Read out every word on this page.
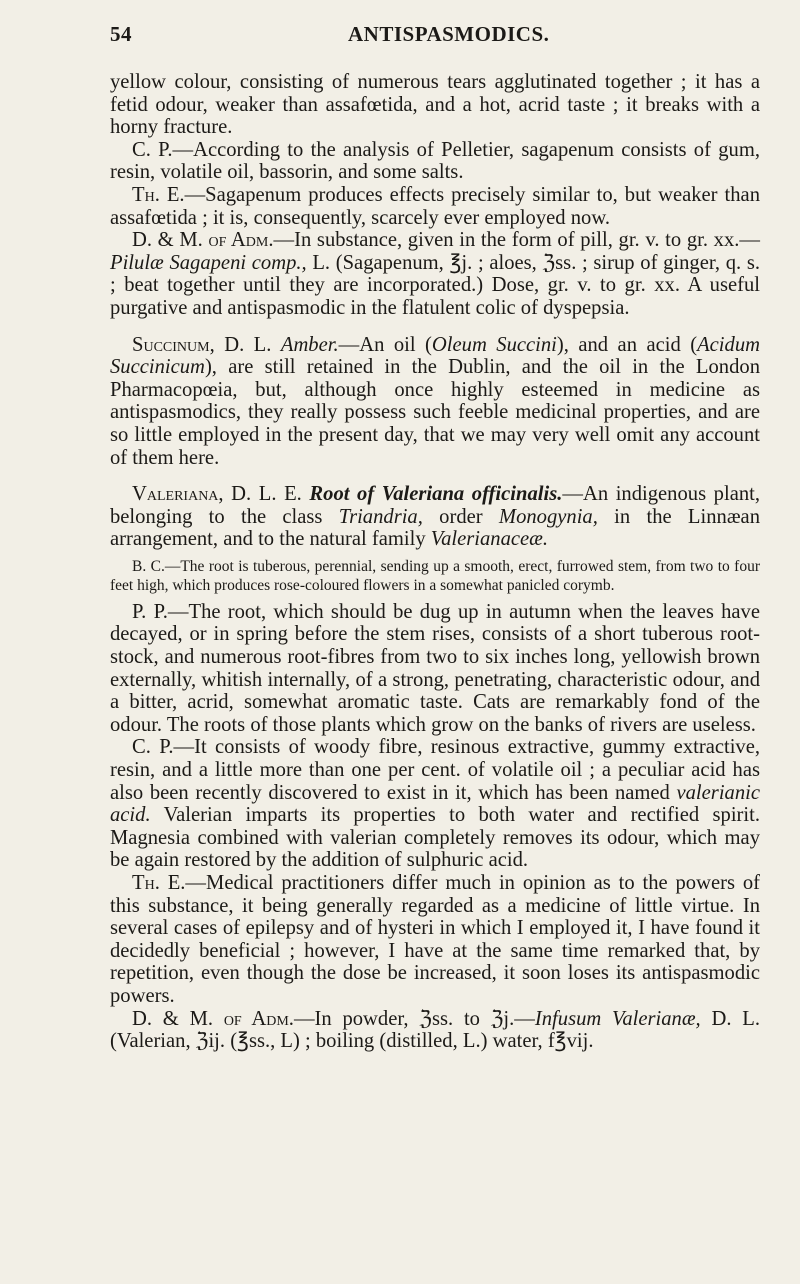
54	ANTISPASMODICS.

yellow colour, consisting of numerous tears agglutinated together ; it has a fetid odour, weaker than assafœtida, and a hot, acrid taste ; it breaks with a horny fracture.

C. P.—According to the analysis of Pelletier, sagapenum consists of gum, resin, volatile oil, bassorin, and some salts.

Th. E.—Sagapenum produces effects precisely similar to, but weaker than assafœtida ; it is, consequently, scarcely ever employed now.

D. & M. of Adm.—In substance, given in the form of pill, gr. v. to gr. xx.—Pilulæ Sagapeni comp., L. (Sagapenum, ℥j. ; aloes, ℨss. ; sirup of ginger, q. s. ; beat together until they are incorporated.) Dose, gr. v. to gr. xx. A useful purgative and antispasmodic in the flatulent colic of dyspepsia.

Succinum, D. L. Amber.—An oil (Oleum Succini), and an acid (Acidum Succinicum), are still retained in the Dublin, and the oil in the London Pharmacopœia, but, although once highly esteemed in medicine as antispasmodics, they really possess such feeble medicinal properties, and are so little employed in the present day, that we may very well omit any account of them here.

Valeriana, D. L. E. Root of Valeriana officinalis.—An indigenous plant, belonging to the class Triandria, order Monogynia, in the Linnæan arrangement, and to the natural family Valerianaceæ.

B. C.—The root is tuberous, perennial, sending up a smooth, erect, furrowed stem, from two to four feet high, which produces rose-coloured flowers in a somewhat panicled corymb.

P. P.—The root, which should be dug up in autumn when the leaves have decayed, or in spring before the stem rises, consists of a short tuberous root-stock, and numerous root-fibres from two to six inches long, yellowish brown externally, whitish internally, of a strong, penetrating, characteristic odour, and a bitter, acrid, somewhat aromatic taste. Cats are remarkably fond of the odour. The roots of those plants which grow on the banks of rivers are useless.

C. P.—It consists of woody fibre, resinous extractive, gummy extractive, resin, and a little more than one per cent. of volatile oil ; a peculiar acid has also been recently discovered to exist in it, which has been named valerianic acid. Valerian imparts its properties to both water and rectified spirit. Magnesia combined with valerian completely removes its odour, which may be again restored by the addition of sulphuric acid.

Th. E.—Medical practitioners differ much in opinion as to the powers of this substance, it being generally regarded as a medicine of little virtue. In several cases of epilepsy and of hysteri in which I employed it, I have found it decidedly beneficial ; however, I have at the same time remarked that, by repetition, even though the dose be increased, it soon loses its antispasmodic powers.

D. & M. of Adm.—In powder, ℨss. to ℨj.—Infusum Valerianæ, D. L. (Valerian, ℨij. (℥ss., L) ; boiling (distilled, L.) water, f℥vij.
